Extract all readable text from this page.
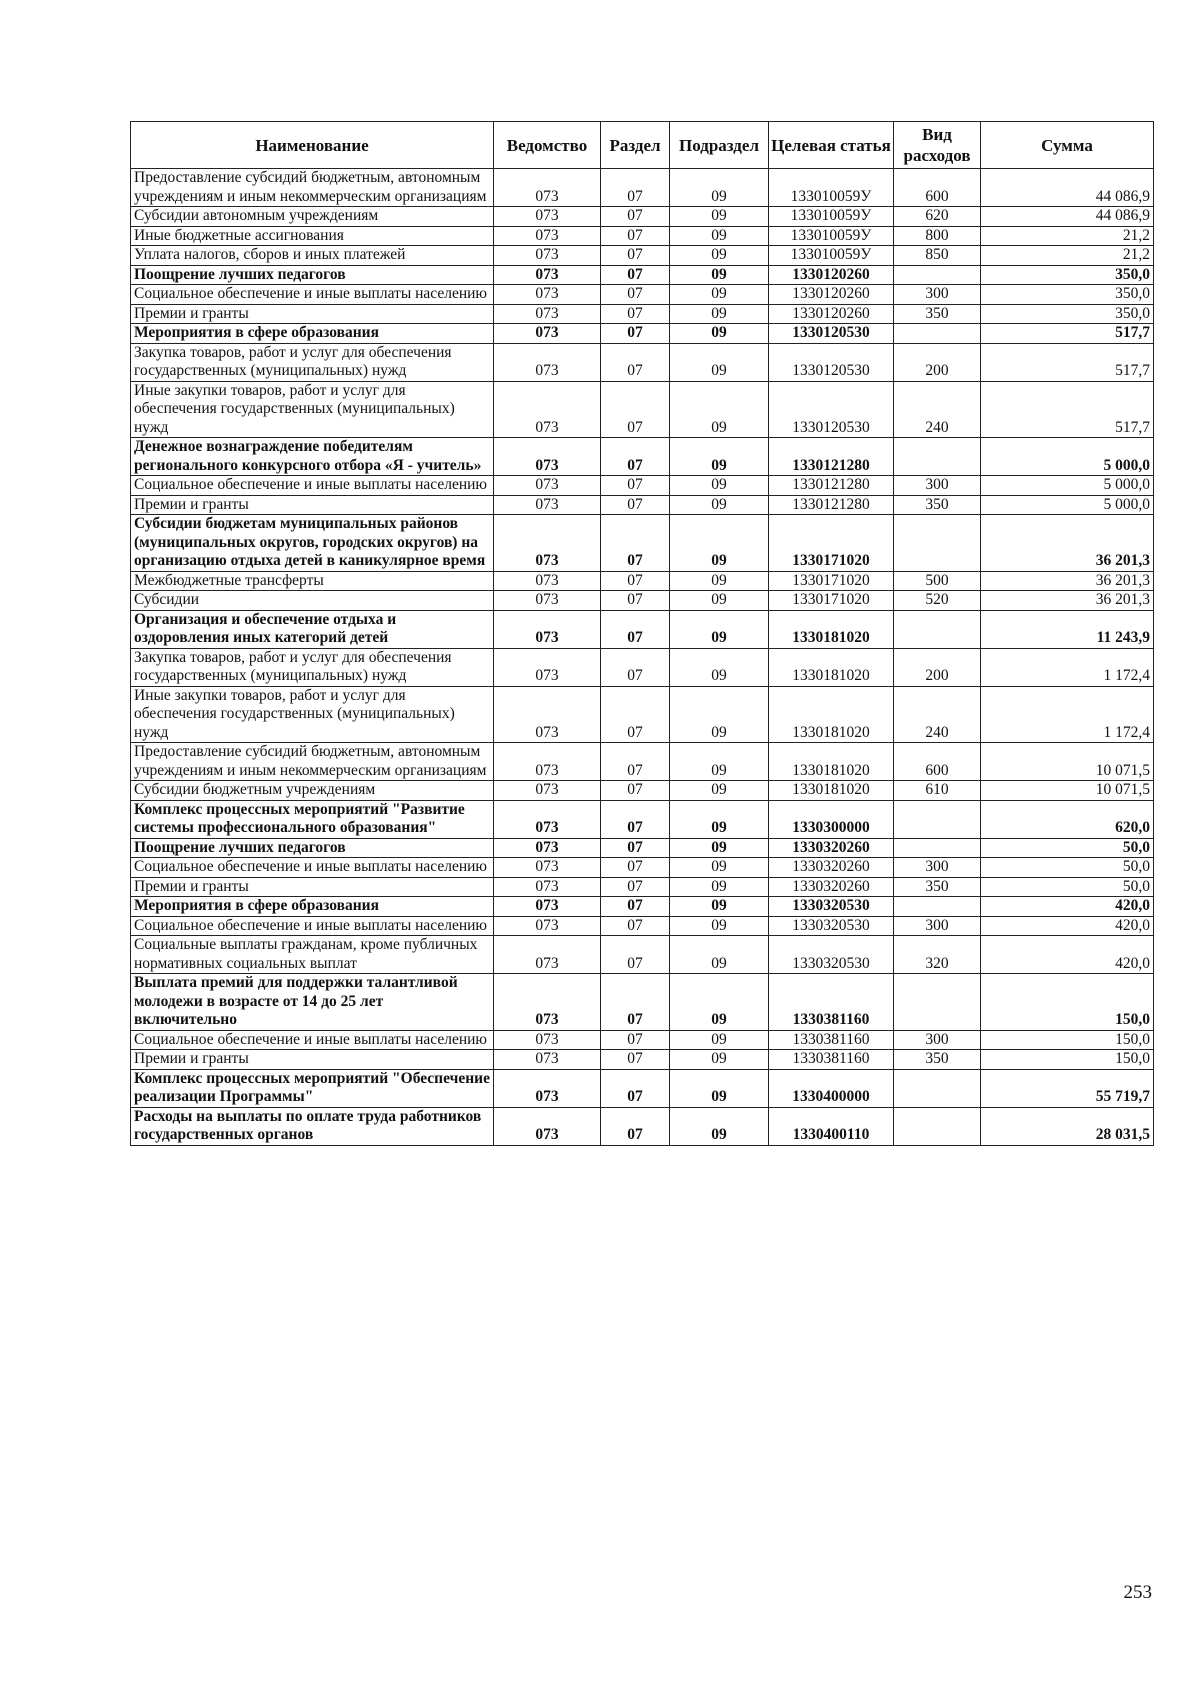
Наименование	Ведомство	Раздел	Подраздел	Целевая статья	Вид расходов	Сумма
Предоставление субсидий бюджетным, автономным учреждениям и иным некоммерческим организациям	073	07	09	133010059У	600	44 086,9
Субсидии автономным учреждениям	073	07	09	133010059У	620	44 086,9
Иные бюджетные ассигнования	073	07	09	133010059У	800	21,2
Уплата налогов, сборов и иных платежей	073	07	09	133010059У	850	21,2
Поощрение лучших педагогов	073	07	09	1330120260		350,0
Социальное обеспечение и иные выплаты населению	073	07	09	1330120260	300	350,0
Премии и гранты	073	07	09	1330120260	350	350,0
Мероприятия в сфере образования	073	07	09	1330120530		517,7
Закупка товаров, работ и услуг для обеспечения государственных (муниципальных) нужд	073	07	09	1330120530	200	517,7
Иные закупки товаров, работ и услуг для обеспечения государственных (муниципальных) нужд	073	07	09	1330120530	240	517,7
Денежное вознаграждение победителям регионального конкурсного отбора «Я - учитель»	073	07	09	1330121280		5 000,0
Социальное обеспечение и иные выплаты населению	073	07	09	1330121280	300	5 000,0
Премии и гранты	073	07	09	1330121280	350	5 000,0
Субсидии бюджетам муниципальных районов (муниципальных округов, городских округов) на организацию отдыха детей в каникулярное время	073	07	09	1330171020		36 201,3
Межбюджетные трансферты	073	07	09	1330171020	500	36 201,3
Субсидии	073	07	09	1330171020	520	36 201,3
Организация и обеспечение отдыха и оздоровления иных категорий детей	073	07	09	1330181020		11 243,9
Закупка товаров, работ и услуг для обеспечения государственных (муниципальных) нужд	073	07	09	1330181020	200	1 172,4
Иные закупки товаров, работ и услуг для обеспечения государственных (муниципальных) нужд	073	07	09	1330181020	240	1 172,4
Предоставление субсидий бюджетным, автономным учреждениям и иным некоммерческим организациям	073	07	09	1330181020	600	10 071,5
Субсидии бюджетным учреждениям	073	07	09	1330181020	610	10 071,5
Комплекс процессных мероприятий "Развитие системы профессионального образования"	073	07	09	1330300000		620,0
Поощрение лучших педагогов	073	07	09	1330320260		50,0
Социальное обеспечение и иные выплаты населению	073	07	09	1330320260	300	50,0
Премии и гранты	073	07	09	1330320260	350	50,0
Мероприятия в сфере образования	073	07	09	1330320530		420,0
Социальное обеспечение и иные выплаты населению	073	07	09	1330320530	300	420,0
Социальные выплаты гражданам, кроме публичных нормативных социальных выплат	073	07	09	1330320530	320	420,0
Выплата премий для поддержки талантливой молодежи в возрасте от 14 до 25 лет включительно	073	07	09	1330381160		150,0
Социальное обеспечение и иные выплаты населению	073	07	09	1330381160	300	150,0
Премии и гранты	073	07	09	1330381160	350	150,0
Комплекс процессных мероприятий "Обеспечение реализации Программы"	073	07	09	1330400000		55 719,7
Расходы на выплаты по оплате труда работников государственных органов	073	07	09	1330400110		28 031,5
253
